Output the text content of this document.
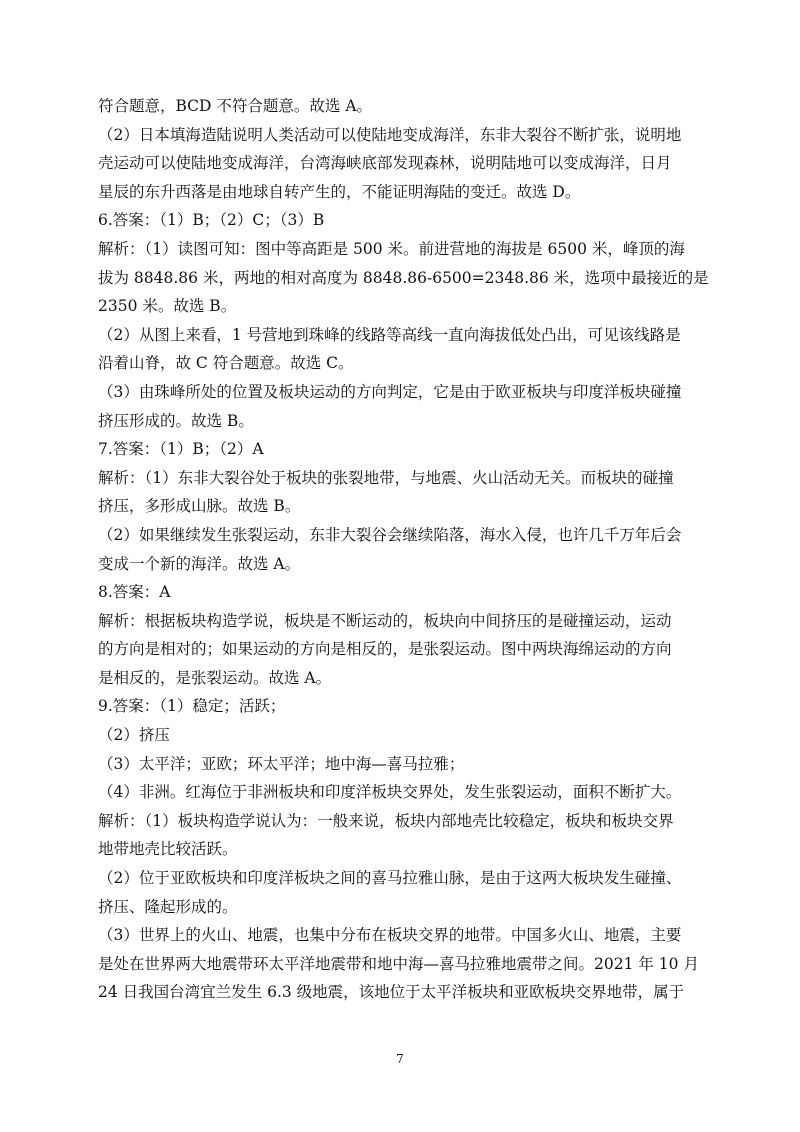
符合题意，BCD 不符合题意。故选 A。
（2）日本填海造陆说明人类活动可以使陆地变成海洋，东非大裂谷不断扩张，说明地
壳运动可以使陆地变成海洋，台湾海峡底部发现森林，说明陆地可以变成海洋，日月
星辰的东升西落是由地球自转产生的，不能证明海陆的变迁。故选 D。
6.答案：（1）B；（2）C；（3）B
解析：（1）读图可知：图中等高距是 500 米。前进营地的海拔是 6500 米，峰顶的海
拔为 8848.86 米，两地的相对高度为 8848.86-6500=2348.86 米，选项中最接近的是
2350 米。故选 B。
（2）从图上来看，1 号营地到珠峰的线路等高线一直向海拔低处凸出，可见该线路是
沿着山脊，故 C 符合题意。故选 C。
（3）由珠峰所处的位置及板块运动的方向判定，它是由于欧亚板块与印度洋板块碰撞
挤压形成的。故选 B。
7.答案：（1）B；（2）A
解析：（1）东非大裂谷处于板块的张裂地带，与地震、火山活动无关。而板块的碰撞
挤压，多形成山脉。故选 B。
（2）如果继续发生张裂运动，东非大裂谷会继续陷落，海水入侵，也许几千万年后会
变成一个新的海洋。故选 A。
8.答案：A
解析：根据板块构造学说，板块是不断运动的，板块向中间挤压的是碰撞运动，运动
的方向是相对的；如果运动的方向是相反的，是张裂运动。图中两块海绵运动的方向
是相反的，是张裂运动。故选 A。
9.答案：（1）稳定；活跃；
（2）挤压
（3）太平洋；亚欧；环太平洋；地中海—喜马拉雅；
（4）非洲。红海位于非洲板块和印度洋板块交界处，发生张裂运动，面积不断扩大。
解析：（1）板块构造学说认为：一般来说，板块内部地壳比较稳定，板块和板块交界
地带地壳比较活跃。
（2）位于亚欧板块和印度洋板块之间的喜马拉雅山脉，是由于这两大板块发生碰撞、
挤压、隆起形成的。
（3）世界上的火山、地震，也集中分布在板块交界的地带。中国多火山、地震，主要
是处在世界两大地震带环太平洋地震带和地中海—喜马拉雅地震带之间。2021 年 10 月
24 日我国台湾宜兰发生 6.3 级地震，该地位于太平洋板块和亚欧板块交界地带，属于
7
